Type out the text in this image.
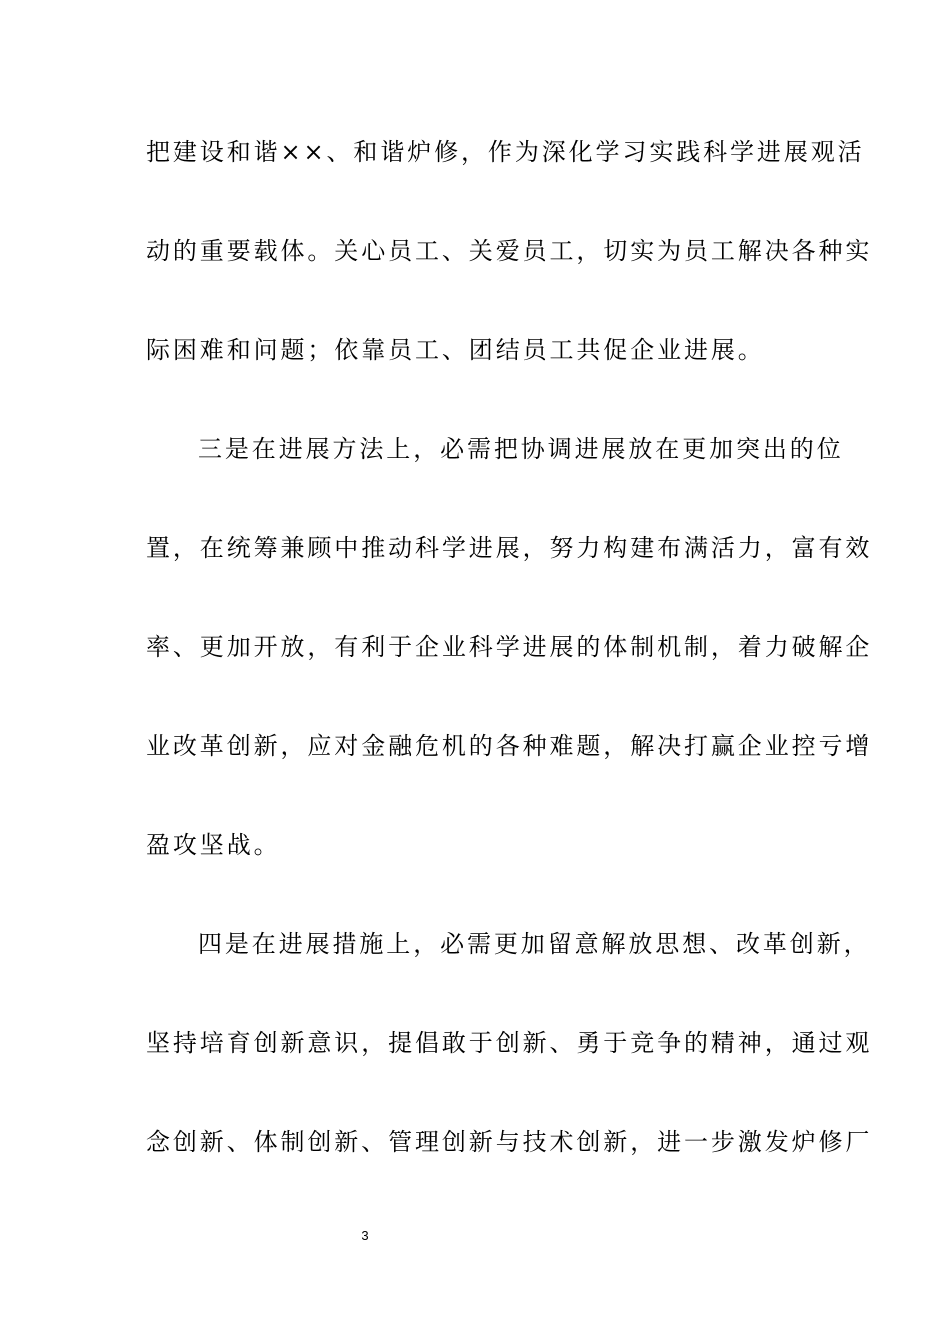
把建设和谐××、和谐炉修，作为深化学习实践科学进展观活
动的重要载体。关心员工、关爱员工，切实为员工解决各种实
际困难和问题；依靠员工、团结员工共促企业进展。
三是在进展方法上，必需把协调进展放在更加突出的位
置，在统筹兼顾中推动科学进展，努力构建布满活力，富有效
率、更加开放，有利于企业科学进展的体制机制，着力破解企
业改革创新，应对金融危机的各种难题，解决打赢企业控亏增
盈攻坚战。
四是在进展措施上，必需更加留意解放思想、改革创新，
坚持培育创新意识，提倡敢于创新、勇于竞争的精神，通过观
念创新、体制创新、管理创新与技术创新，进一步激发炉修厂
3
